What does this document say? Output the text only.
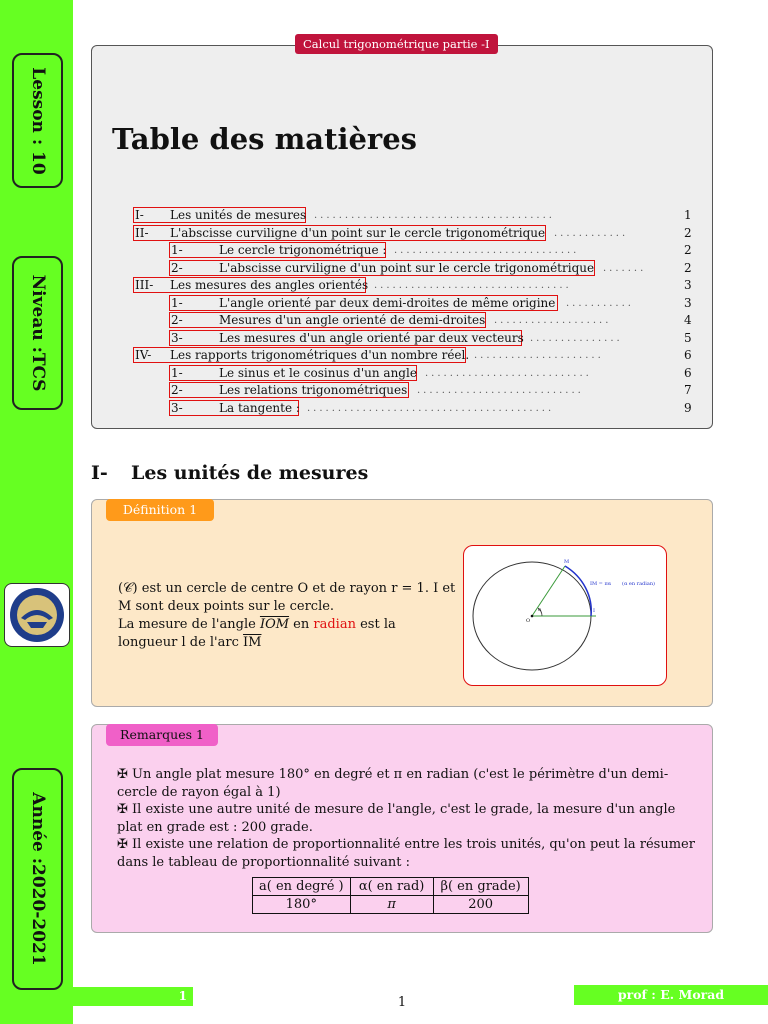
Lesson : 10
Niveau :TCS
Année :2020-2021
Calcul trigonométrique partie -I
Table des matières
I- Les unités de mesures .......................................	1
II- L'abscisse curviligne d'un point sur le cercle trigonométrique ............	2
1-	Le cercle trigonométrique : ..............................	2
2-	L'abscisse curviligne d'un point sur le cercle trigonométrique .......	2
III- Les mesures des angles orientés ................................	3
1-	L'angle orienté par deux demi-droites de même origine ...........	3
2-	Mesures d'un angle orienté de demi-droites ...................	4
3-	Les mesures d'un angle orienté par deux vecteurs ...............	5
IV- Les rapports trigonométriques d'un nombre réel. .....................	6
1-	Le sinus et le cosinus d'un angle ...........................	6
2-	Les relations trigonométriques ...........................	7
3-	La tangente : ........................................	9
I- Les unités de mesures
Définition 1
(𝒞) est un cercle de centre O et de rayon r = 1. I et M sont deux points sur le cercle.
La mesure de l'angle $\overline{IOM}$ en radian est la longueur l de l'arc $\overline{IM}$
M
O
I
α
IM = πα (α en radian)
Remarques 1

✠ Un angle plat mesure 180° en degré et π en radian (c'est le périmètre d'un demi-cercle de rayon égal à 1)

✠ Il existe une autre unité de mesure de l'angle, c'est le grade, la mesure d'un angle plat en grade est : 200 grade.

✠ Il existe une relation de proportionnalité entre les trois unités, qu'on peut la résumer dans le tableau de proportionnalité suivant :

a( en degré )	α( en rad)	β( en grade)
180°	π	200
1	1
prof : E. Morad
